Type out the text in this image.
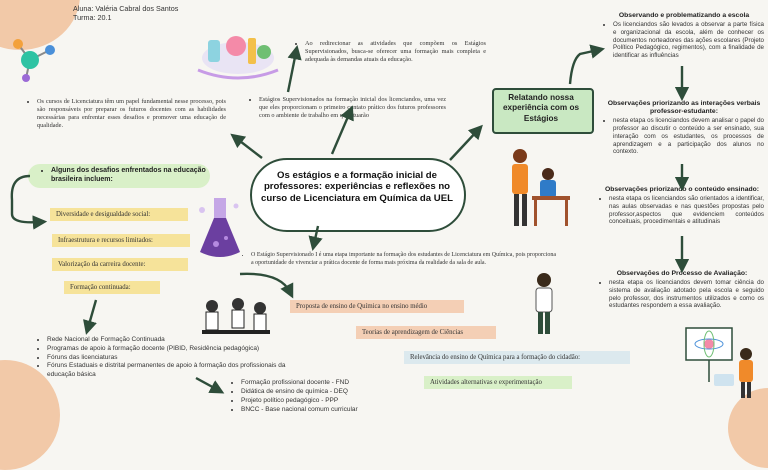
Aluna: Valéria Cabral dos Santos
Turma: 20.1
• Ao redirecionar as atividades que compõem os Estágios Supervisionados, busca-se oferecer uma formação mais completa e adequada às demandas atuais da educação.
• Estágios Supervisionados na formação inicial dos licenciandos, uma vez que eles proporcionam o primeiro contato prático dos futuros professores com o ambiente de trabalho em que atuarão
• Os cursos de Licenciatura têm um papel fundamental nesse processo, pois são responsáveis por preparar os futuros docentes com as habilidades necessárias para enfrentar esses desafios e promover uma educação de qualidade.
Os estágios e a formação inicial de professores: experiências e reflexões no curso de Licenciatura em Química da UEL
• Alguns dos desafios enfrentados na educação brasileira incluem:
Diversidade e desigualdade social:
Infraestrutura e recursos limitados:
Valorização da carreira docente:
Formação continuada:
• O Estágio Supervisionado I é uma etapa importante na formação dos estudantes de Licenciatura em Química, pois proporciona a oportunidade de vivenciar a prática docente de forma mais próxima da realidade da sala de aula.
Proposta de ensino de Química no ensino médio
Teorias de aprendizagem de Ciências
Relevância do ensino de Química para a formação do cidadão:
Atividades alternativas e experimentação
• Rede Nacional de Formação Continuada
• Programas de apoio à formação docente (PIBID, Residência pedagógica)
• Fóruns das licenciaturas
• Fóruns Estaduais e distrital permanentes de apoio à formação dos profissionais da educação básica
• Formação profissional docente - FND
• Didática de ensino de química - DEQ
• Projeto político pedagógico - PPP
• BNCC - Base nacional comum curricular
Relatando nossa experiência com os Estágios
Observando e problematizando a escola
• Os licenciandos são levados a observar a parte física e organizacional da escola, além de conhecer os documentos norteadores das ações escolares (Projeto Político Pedagógico, regimentos), com a finalidade de identificar as influências
Observações priorizando as interações verbais professor-estudante:
• nesta etapa os licenciandos devem analisar o papel do professor ao discutir o conteúdo a ser ensinado, sua interação com os estudantes, os processos de aprendizagem e a participação dos alunos no contexto.
Observações priorizando o conteúdo ensinado:
• nesta etapa os licenciandos são orientados a identificar, nas aulas observadas e nas questões propostas pelo professor,aspectos que evidenciem conteúdos conceituais, procedimentais e atitudinais
Observações do Processo de Avaliação:
• nesta etapa os licenciandos devem tomar ciência do sistema de avaliação adotado pela escola e seguido pelo professor, dos instrumentos utilizados e como os estudantes respondem a essa avaliação.
